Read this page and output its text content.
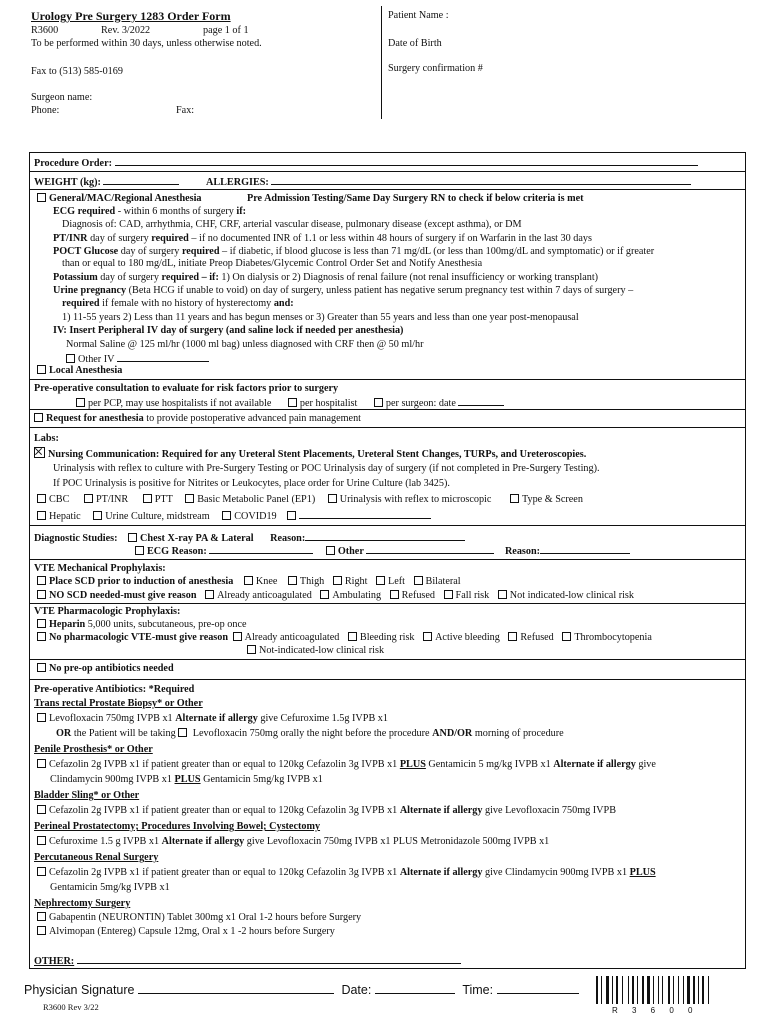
Urology Pre Surgery 1283 Order Form
R3600	Rev. 3/2022	page 1 of 1
To be performed within 30 days, unless otherwise noted.
Fax to (513) 585-0169
Surgeon name:
Phone:	Fax:
Patient Name :
Date of Birth
Surgery confirmation #
Procedure Order:
WEIGHT (kg):	ALLERGIES:
General/MAC/Regional Anesthesia	Pre Admission Testing/Same Day Surgery RN to check if below criteria is met
ECG required - within 6 months of surgery if:
Diagnosis of: CAD, arrhythmia, CHF, CRF, arterial vascular disease, pulmonary disease (except asthma), or DM
PT/INR day of surgery required – if no documented INR of 1.1 or less within 48 hours of surgery if on Warfarin in the last 30 days
POCT Glucose day of surgery required – if diabetic, if blood glucose is less than 71 mg/dL (or less than 100mg/dL and symptomatic) or if greater
than or equal to 180 mg/dL, initiate Preop Diabetes/Glycemic Control Order Set and Notify Anesthesia
Potassium day of surgery required – if: 1) On dialysis or 2) Diagnosis of renal failure (not renal insufficiency or working transplant)
Urine pregnancy (Beta HCG if unable to void) on day of surgery, unless patient has negative serum pregnancy test within 7 days of surgery –
required if female with no history of hysterectomy and:
1) 11-55 years 2) Less than 11 years and has begun menses or 3) Greater than 55 years and less than one year post-menopausal
IV: Insert Peripheral IV day of surgery (and saline lock if needed per anesthesia)
Normal Saline @ 125 ml/hr (1000 ml bag) unless diagnosed with CRF then @ 50 ml/hr
Other IV
Local Anesthesia
Pre-operative consultation to evaluate for risk factors prior to surgery
per PCP, may use hospitalists if not available	per hospitalist	per surgeon: date
Request for anesthesia to provide postoperative advanced pain management
Labs:
Nursing Communication: Required for any Ureteral Stent Placements, Ureteral Stent Changes, TURPs, and Ureteroscopies.
Urinalysis with reflex to culture with Pre-Surgery Testing or POC Urinalysis day of surgery (if not completed in Pre-Surgery Testing).
If POC Urinalysis is positive for Nitrites or Leukocytes, place order for Urine Culture (lab 3425).
CBC	PT/INR	PTT Basic Metabolic Panel (EP1) Urinalysis with reflex to microscopic	Type & Screen
Hepatic Urine Culture, midstream COVID19
Diagnostic Studies: Chest X-ray PA & Lateral Reason:
ECG Reason:	Other	Reason:
VTE Mechanical Prophylaxis:
Place SCD prior to induction of anesthesia Knee Thigh Right Left Bilateral
NO SCD needed-must give reason Already anticoagulated Ambulating Refused Fall risk Not indicated-low clinical risk
VTE Pharmacologic Prophylaxis:
Heparin 5,000 units, subcutaneous, pre-op once
No pharmacologic VTE-must give reason Already anticoagulated Bleeding risk Active bleeding Refused Thrombocytopenia
Not-indicated-low clinical risk
No pre-op antibiotics needed
Pre-operative Antibiotics: *Required
Trans rectal Prostate Biopsy* or Other
Levofloxacin 750mg IVPB x1 Alternate if allergy give Cefuroxime 1.5g IVPB x1
OR the Patient will be taking  Levofloxacin 750mg orally the night before the procedure AND/OR morning of procedure
Penile Prosthesis* or Other
Cefazolin 2g IVPB x1 if patient greater than or equal to 120kg Cefazolin 3g IVPB x1 PLUS Gentamicin 5 mg/kg IVPB x1 Alternate if allergy give
Clindamycin 900mg IVPB x1 PLUS Gentamicin 5mg/kg IVPB x1
Bladder Sling* or Other
Cefazolin 2g IVPB x1 if patient greater than or equal to 120kg Cefazolin 3g IVPB x1 Alternate if allergy give Levofloxacin 750mg IVPB
Perineal Prostatectomy; Procedures Involving Bowel; Cystectomy
Cefuroxime 1.5 g IVPB x1 Alternate if allergy give Levofloxacin 750mg IVPB x1 PLUS Metronidazole 500mg IVPB x1
Percutaneous Renal Surgery
Cefazolin 2g IVPB x1 if patient greater than or equal to 120kg Cefazolin 3g IVPB x1 Alternate if allergy give Clindamycin 900mg IVPB x1 PLUS
Gentamicin 5mg/kg IVPB x1
Nephrectomy Surgery
Gabapentin (NEURONTIN) Tablet 300mg x1 Oral 1-2 hours before Surgery
Alvimopan (Entereg) Capsule 12mg, Oral x 1 -2 hours before Surgery
OTHER:
Physician Signature	Date:	Time:
R3600 Rev 3/22	R 3 6 0 0
